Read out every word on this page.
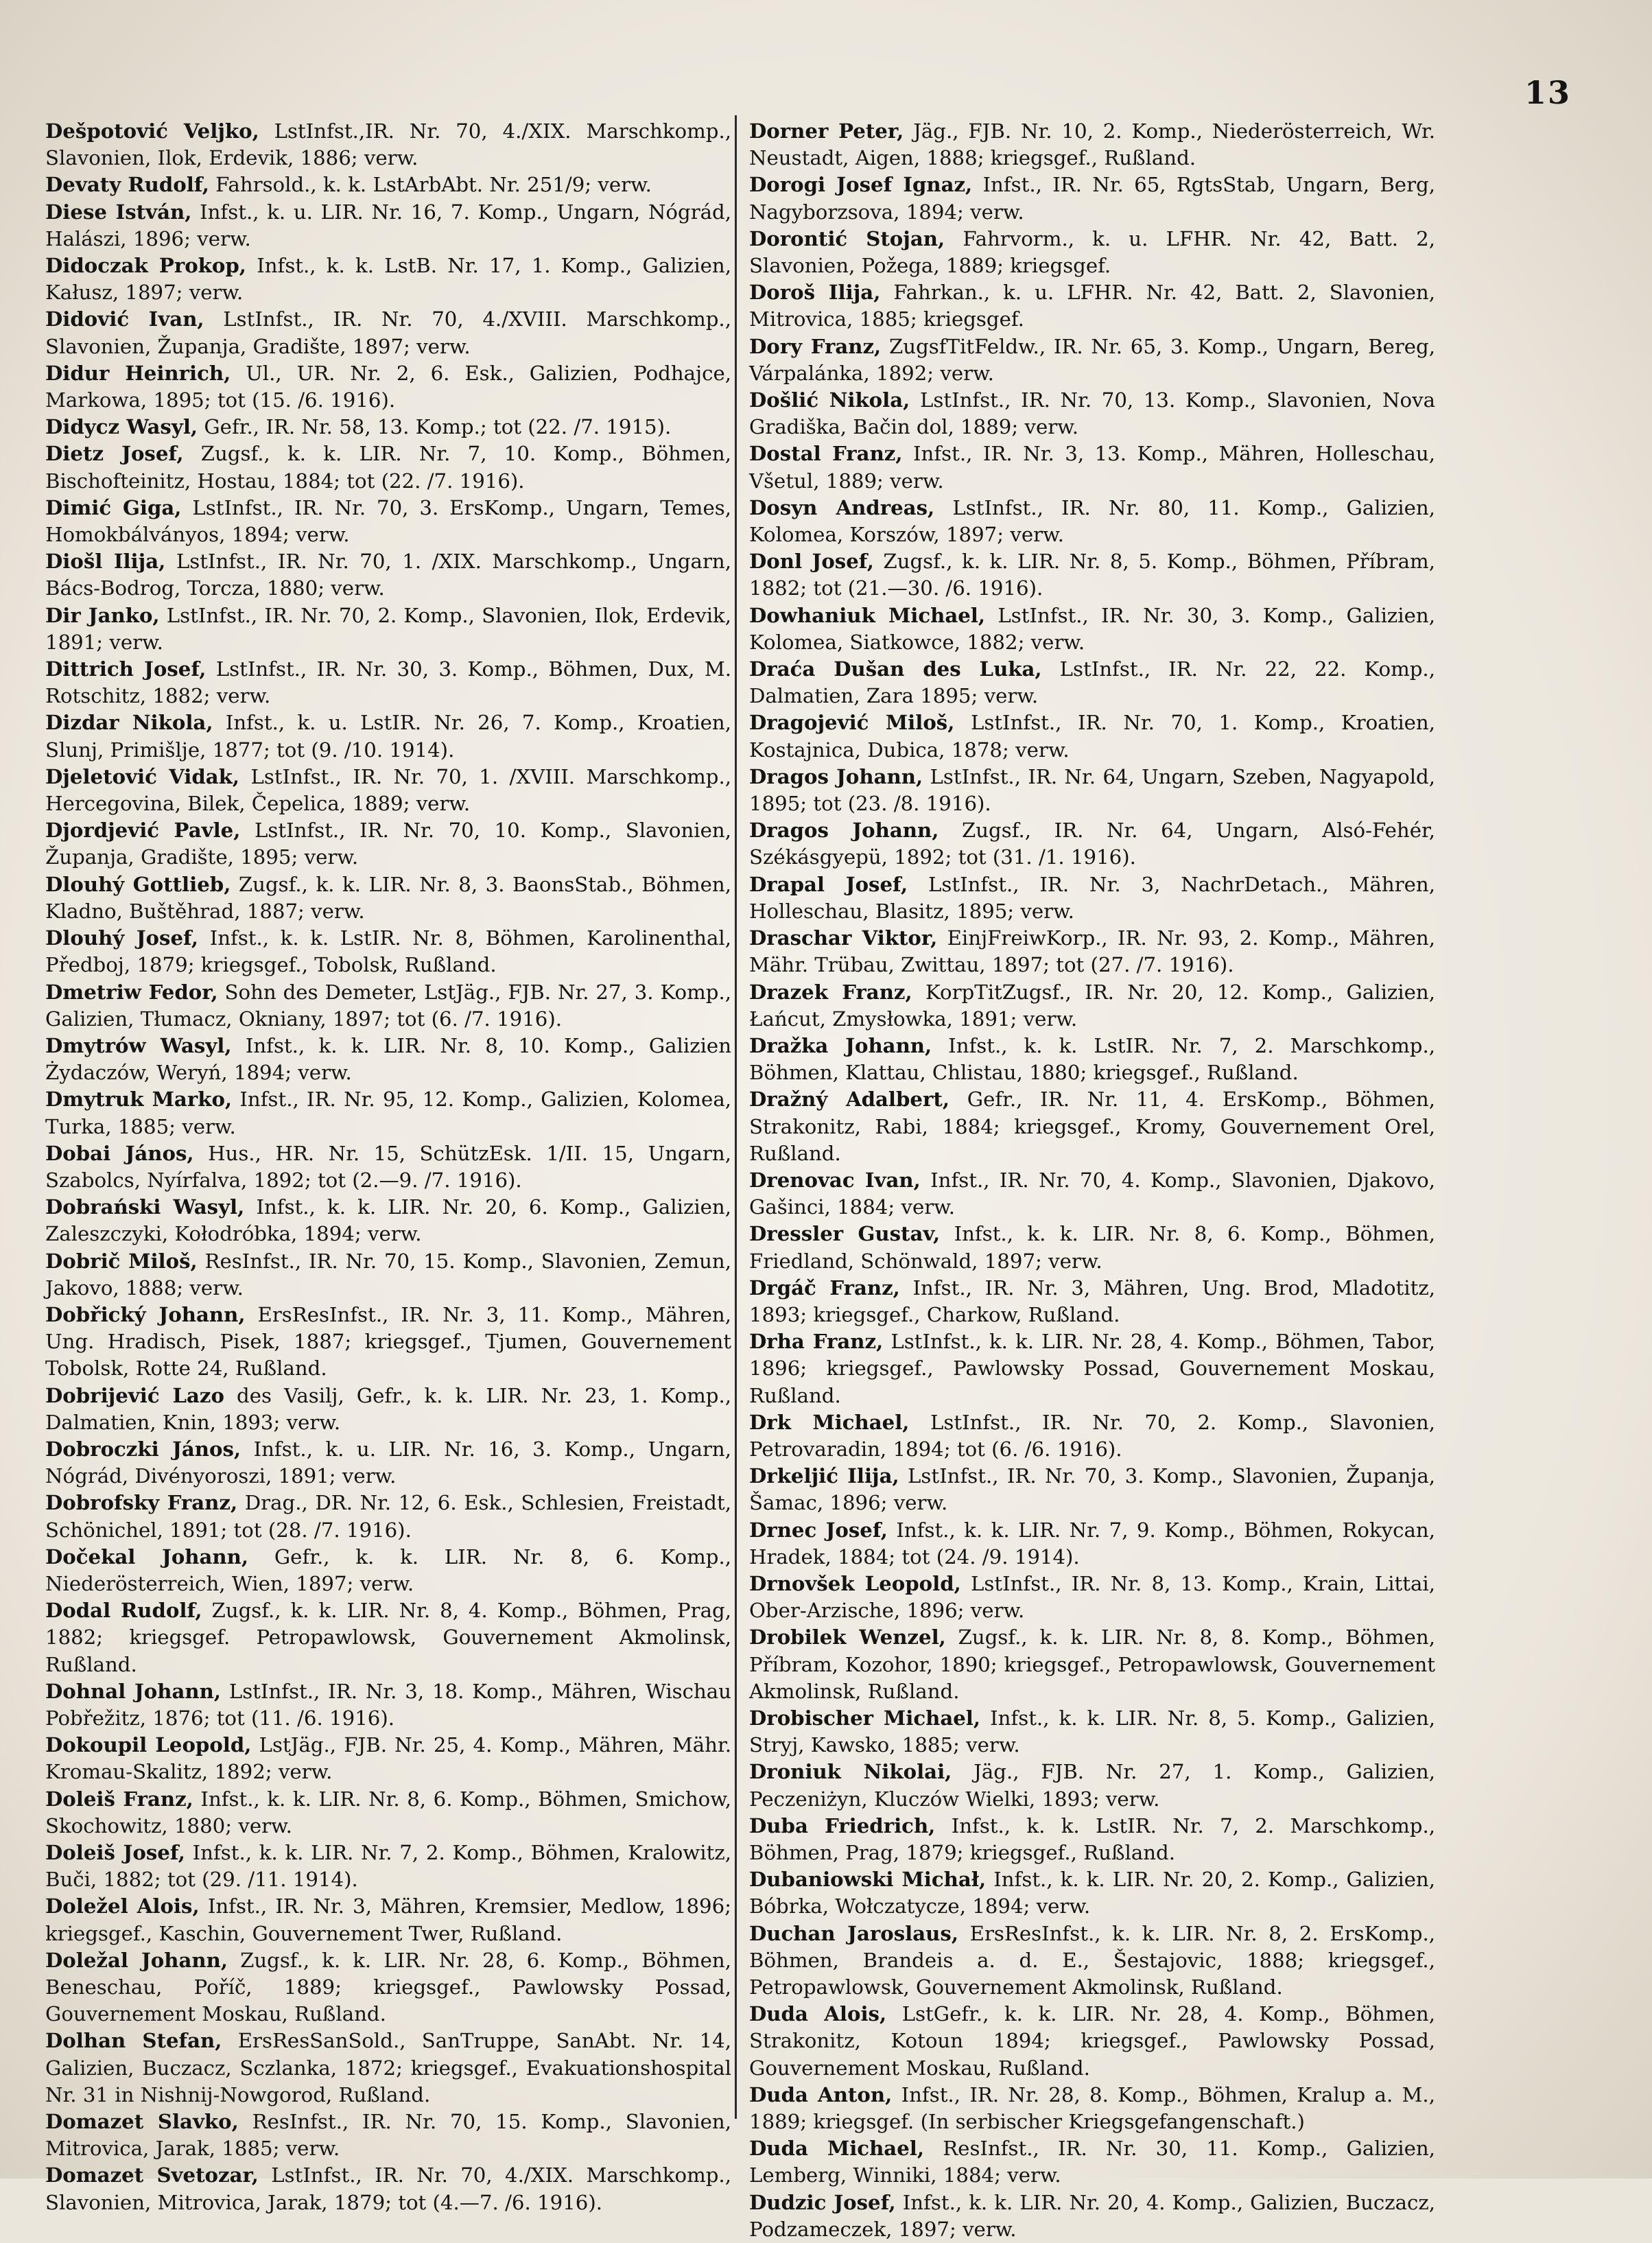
13

Dešpotović Veljko, LstInfst.,IR. Nr. 70, 4./XIX. Marschkomp., Slavonien, Ilok, Erdevik, 1886; verw.

Devaty Rudolf, Fahrsold., k. k. LstArbAbt. Nr. 251/9; verw.

Diese István, Infst., k. u. LIR. Nr. 16, 7. Komp., Ungarn, Nógrád, Halászi, 1896; verw.

Didoczak Prokop, Infst., k. k. LstB. Nr. 17, 1. Komp., Galizien, Kałusz, 1897; verw.

Didović Ivan, LstInfst., IR. Nr. 70, 4./XVIII. Marschkomp., Slavonien, Županja, Gradište, 1897; verw.

Didur Heinrich, Ul., UR. Nr. 2, 6. Esk., Galizien, Podhajce, Markowa, 1895; tot (15. /6. 1916).

Didycz Wasyl, Gefr., IR. Nr. 58, 13. Komp.; tot (22. /7. 1915).

Dietz Josef, Zugsf., k. k. LIR. Nr. 7, 10. Komp., Böhmen, Bischofteinitz, Hostau, 1884; tot (22. /7. 1916).

Dimić Giga, LstInfst., IR. Nr. 70, 3. ErsKomp., Ungarn, Temes, Homokbálványos, 1894; verw.

Diošl Ilija, LstInfst., IR. Nr. 70, 1. /XIX. Marschkomp., Ungarn, Bács-Bodrog, Torcza, 1880; verw.

Dir Janko, LstInfst., IR. Nr. 70, 2. Komp., Slavonien, Ilok, Erdevik, 1891; verw.

Dittrich Josef, LstInfst., IR. Nr. 30, 3. Komp., Böhmen, Dux, M. Rotschitz, 1882; verw.

Dizdar Nikola, Infst., k. u. LstIR. Nr. 26, 7. Komp., Kroatien, Slunj, Primišlje, 1877; tot (9. /10. 1914).

Djeletović Vidak, LstInfst., IR. Nr. 70, 1. /XVIII. Marschkomp., Hercegovina, Bilek, Čepelica, 1889; verw.

Djordjević Pavle, LstInfst., IR. Nr. 70, 10. Komp., Slavonien, Županja, Gradište, 1895; verw.

Dlouhý Gottlieb, Zugsf., k. k. LIR. Nr. 8, 3. BaonsStab., Böhmen, Kladno, Buštěhrad, 1887; verw.

Dlouhý Josef, Infst., k. k. LstIR. Nr. 8, Böhmen, Karolinenthal, Předboj, 1879; kriegsgef., Tobolsk, Rußland.

Dmetriw Fedor, Sohn des Demeter, LstJäg., FJB. Nr. 27, 3. Komp., Galizien, Tłumacz, Okniany, 1897; tot (6. /7. 1916).

Dmytrów Wasyl, Infst., k. k. LIR. Nr. 8, 10. Komp., Galizien Żydaczów, Weryń, 1894; verw.

Dmytruk Marko, Infst., IR. Nr. 95, 12. Komp., Galizien, Kolomea, Turka, 1885; verw.

Dobai János, Hus., HR. Nr. 15, SchützEsk. 1/II. 15, Ungarn, Szabolcs, Nyírfalva, 1892; tot (2.—9. /7. 1916).

Dobrański Wasyl, Infst., k. k. LIR. Nr. 20, 6. Komp., Galizien, Zaleszczyki, Kołodróbka, 1894; verw.

Dobrič Miloš, ResInfst., IR. Nr. 70, 15. Komp., Slavonien, Zemun, Jakovo, 1888; verw.

Dobřický Johann, ErsResInfst., IR. Nr. 3, 11. Komp., Mähren, Ung. Hradisch, Pisek, 1887; kriegsgef., Tjumen, Gouvernement Tobolsk, Rotte 24, Rußland.

Dobrijević Lazo des Vasilj, Gefr., k. k. LIR. Nr. 23, 1. Komp., Dalmatien, Knin, 1893; verw.

Dobroczki János, Infst., k. u. LIR. Nr. 16, 3. Komp., Ungarn, Nógrád, Divényoroszi, 1891; verw.

Dobrofsky Franz, Drag., DR. Nr. 12, 6. Esk., Schlesien, Freistadt, Schönichel, 1891; tot (28. /7. 1916).

Dočekal Johann, Gefr., k. k. LIR. Nr. 8, 6. Komp., Niederösterreich, Wien, 1897; verw.

Dodal Rudolf, Zugsf., k. k. LIR. Nr. 8, 4. Komp., Böhmen, Prag, 1882; kriegsgef. Petropawlowsk, Gouvernement Akmolinsk, Rußland.

Dohnal Johann, LstInfst., IR. Nr. 3, 18. Komp., Mähren, Wischau Pobřežitz, 1876; tot (11. /6. 1916).

Dokoupil Leopold, LstJäg., FJB. Nr. 25, 4. Komp., Mähren, Mähr. Kromau-Skalitz, 1892; verw.

Doleiš Franz, Infst., k. k. LIR. Nr. 8, 6. Komp., Böhmen, Smichow, Skochowitz, 1880; verw.

Doleiš Josef, Infst., k. k. LIR. Nr. 7, 2. Komp., Böhmen, Kralowitz, Buči, 1882; tot (29. /11. 1914).

Doležel Alois, Infst., IR. Nr. 3, Mähren, Kremsier, Medlow, 1896; kriegsgef., Kaschin, Gouvernement Twer, Rußland.

Doležal Johann, Zugsf., k. k. LIR. Nr. 28, 6. Komp., Böhmen, Beneschau, Poříč, 1889; kriegsgef., Pawlowsky Possad, Gouvernement Moskau, Rußland.

Dolhan Stefan, ErsResSanSold., SanTruppe, SanAbt. Nr. 14, Galizien, Buczacz, Sczlanka, 1872; kriegsgef., Evakuationshospital Nr. 31 in Nishnij-Nowgorod, Rußland.

Domazet Slavko, ResInfst., IR. Nr. 70, 15. Komp., Slavonien, Mitrovica, Jarak, 1885; verw.

Domazet Svetozar, LstInfst., IR. Nr. 70, 4./XIX. Marschkomp., Slavonien, Mitrovica, Jarak, 1879; tot (4.—7. /6. 1916).

Dorner Peter, Jäg., FJB. Nr. 10, 2. Komp., Niederösterreich, Wr. Neustadt, Aigen, 1888; kriegsgef., Rußland.

Dorogi Josef Ignaz, Infst., IR. Nr. 65, RgtsStab, Ungarn, Berg, Nagyborzsova, 1894; verw.

Dorontić Stojan, Fahrvorm., k. u. LFHR. Nr. 42, Batt. 2, Slavonien, Požega, 1889; kriegsgef.

Doroš Ilija, Fahrkan., k. u. LFHR. Nr. 42, Batt. 2, Slavonien, Mitrovica, 1885; kriegsgef.

Dory Franz, ZugsfTitFeldw., IR. Nr. 65, 3. Komp., Ungarn, Bereg, Várpalánka, 1892; verw.

Došlić Nikola, LstInfst., IR. Nr. 70, 13. Komp., Slavonien, Nova Gradiška, Bačin dol, 1889; verw.

Dostal Franz, Infst., IR. Nr. 3, 13. Komp., Mähren, Holleschau, Všetul, 1889; verw.

Dosyn Andreas, LstInfst., IR. Nr. 80, 11. Komp., Galizien, Kolomea, Korszów, 1897; verw.

Donl Josef, Zugsf., k. k. LIR. Nr. 8, 5. Komp., Böhmen, Příbram, 1882; tot (21.—30. /6. 1916).

Dowhaniuk Michael, LstInfst., IR. Nr. 30, 3. Komp., Galizien, Kolomea, Siatkowce, 1882; verw.

Draća Dušan des Luka, LstInfst., IR. Nr. 22, 22. Komp., Dalmatien, Zara 1895; verw.

Dragojević Miloš, LstInfst., IR. Nr. 70, 1. Komp., Kroatien, Kostajnica, Dubica, 1878; verw.

Dragos Johann, LstInfst., IR. Nr. 64, Ungarn, Szeben, Nagyapold, 1895; tot (23. /8. 1916).

Dragos Johann, Zugsf., IR. Nr. 64, Ungarn, Alsó-Fehér, Székásgyepü, 1892; tot (31. /1. 1916).

Drapal Josef, LstInfst., IR. Nr. 3, NachrDetach., Mähren, Holleschau, Blasitz, 1895; verw.

Draschar Viktor, EinjFreiwKorp., IR. Nr. 93, 2. Komp., Mähren, Mähr. Trübau, Zwittau, 1897; tot (27. /7. 1916).

Drazek Franz, KorpTitZugsf., IR. Nr. 20, 12. Komp., Galizien, Łańcut, Zmysłowka, 1891; verw.

Dražka Johann, Infst., k. k. LstIR. Nr. 7, 2. Marschkomp., Böhmen, Klattau, Chlistau, 1880; kriegsgef., Rußland.

Dražný Adalbert, Gefr., IR. Nr. 11, 4. ErsKomp., Böhmen, Strakonitz, Rabi, 1884; kriegsgef., Kromy, Gouvernement Orel, Rußland.

Drenovac Ivan, Infst., IR. Nr. 70, 4. Komp., Slavonien, Djakovo, Gašinci, 1884; verw.

Dressler Gustav, Infst., k. k. LIR. Nr. 8, 6. Komp., Böhmen, Friedland, Schönwald, 1897; verw.

Drgáč Franz, Infst., IR. Nr. 3, Mähren, Ung. Brod, Mladotitz, 1893; kriegsgef., Charkow, Rußland.

Drha Franz, LstInfst., k. k. LIR. Nr. 28, 4. Komp., Böhmen, Tabor, 1896; kriegsgef., Pawlowsky Possad, Gouvernement Moskau, Rußland.

Drk Michael, LstInfst., IR. Nr. 70, 2. Komp., Slavonien, Petrovaradin, 1894; tot (6. /6. 1916).

Drkeljić Ilija, LstInfst., IR. Nr. 70, 3. Komp., Slavonien, Županja, Šamac, 1896; verw.

Drnec Josef, Infst., k. k. LIR. Nr. 7, 9. Komp., Böhmen, Rokycan, Hradek, 1884; tot (24. /9. 1914).

Drnovšek Leopold, LstInfst., IR. Nr. 8, 13. Komp., Krain, Littai, Ober-Arzische, 1896; verw.

Drobilek Wenzel, Zugsf., k. k. LIR. Nr. 8, 8. Komp., Böhmen, Příbram, Kozohor, 1890; kriegsgef., Petropawlowsk, Gouvernement Akmolinsk, Rußland.

Drobischer Michael, Infst., k. k. LIR. Nr. 8, 5. Komp., Galizien, Stryj, Kawsko, 1885; verw.

Droniuk Nikolai, Jäg., FJB. Nr. 27, 1. Komp., Galizien, Peczeniżyn, Kluczów Wielki, 1893; verw.

Duba Friedrich, Infst., k. k. LstIR. Nr. 7, 2. Marschkomp., Böhmen, Prag, 1879; kriegsgef., Rußland.

Dubaniowski Michał, Infst., k. k. LIR. Nr. 20, 2. Komp., Galizien, Bóbrka, Wołczatycze, 1894; verw.

Duchan Jaroslaus, ErsResInfst., k. k. LIR. Nr. 8, 2. ErsKomp., Böhmen, Brandeis a. d. E., Šestajovic, 1888; kriegsgef., Petropawlowsk, Gouvernement Akmolinsk, Rußland.

Duda Alois, LstGefr., k. k. LIR. Nr. 28, 4. Komp., Böhmen, Strakonitz, Kotoun 1894; kriegsgef., Pawlowsky Possad, Gouvernement Moskau, Rußland.

Duda Anton, Infst., IR. Nr. 28, 8. Komp., Böhmen, Kralup a. M., 1889; kriegsgef. (In serbischer Kriegsgefangenschaft.)

Duda Michael, ResInfst., IR. Nr. 30, 11. Komp., Galizien, Lemberg, Winniki, 1884; verw.

Dudzic Josef, Infst., k. k. LIR. Nr. 20, 4. Komp., Galizien, Buczacz, Podzameczek, 1897; verw.
